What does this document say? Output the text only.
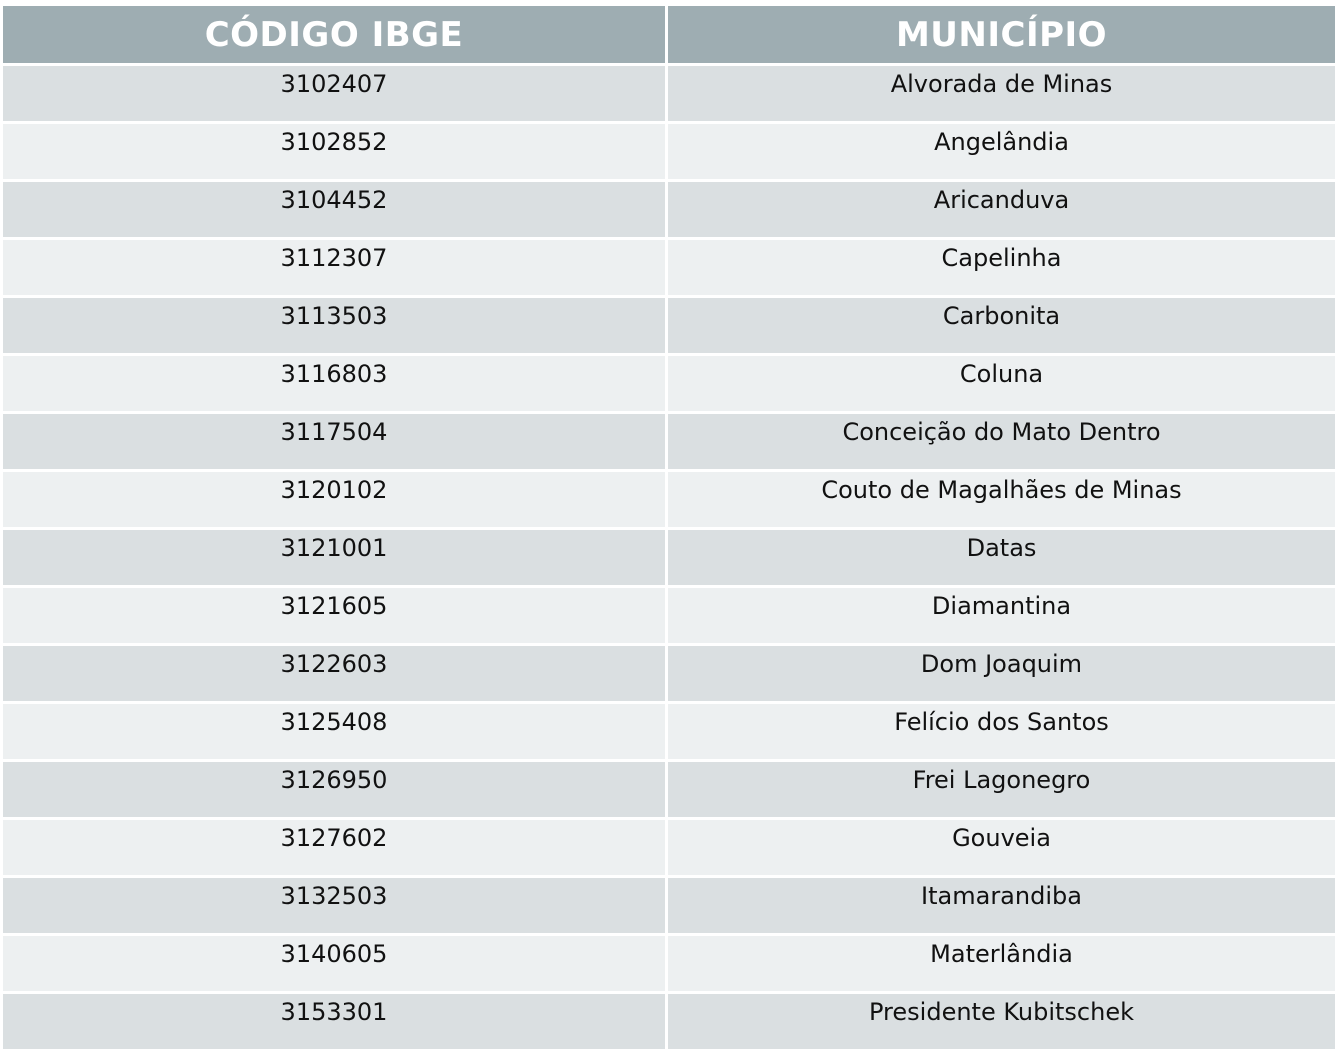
CÓDIGO IBGE	MUNICÍPIO
3102407	Alvorada de Minas
3102852	Angelândia
3104452	Aricanduva
3112307	Capelinha
3113503	Carbonita
3116803	Coluna
3117504	Conceição do Mato Dentro
3120102	Couto de Magalhães de Minas
3121001	Datas
3121605	Diamantina
3122603	Dom Joaquim
3125408	Felício dos Santos
3126950	Frei Lagonegro
3127602	Gouveia
3132503	Itamarandiba
3140605	Materlândia
3153301	Presidente Kubitschek
